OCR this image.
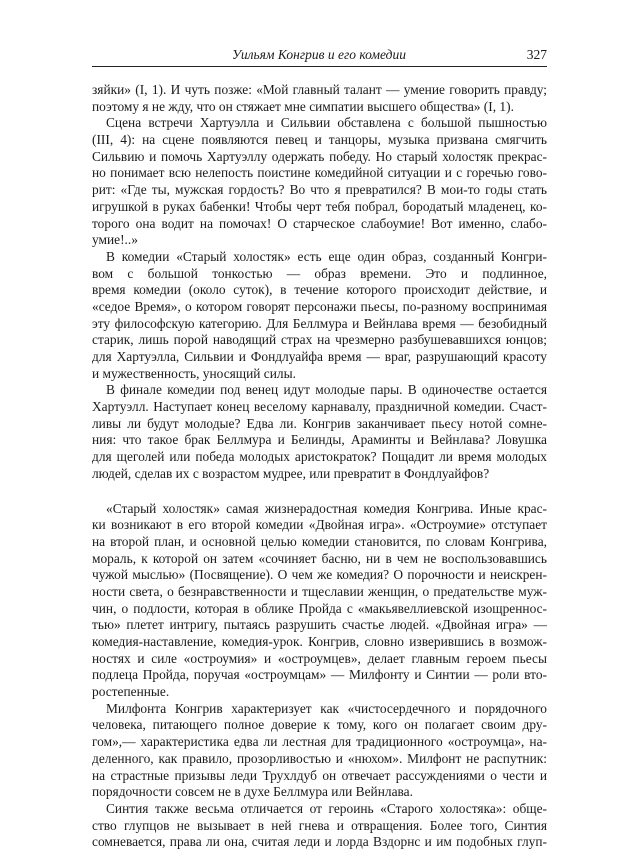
Уильям Конгрив и его комедии	327
зяйки» (I, 1). И чуть позже: «Мой главный талант — умение говорить правду;
поэтому я не жду, что он стяжает мне симпатии высшего общества» (I, 1).
Сцена встречи Хартуэлла и Сильвии обставлена с большой пышностью
(III, 4): на сцене появляются певец и танцоры, музыка призвана смягчить
Сильвию и помочь Хартуэллу одержать победу. Но старый холостяк прекрас-
но понимает всю нелепость поистине комедийной ситуации и с горечью гово-
рит: «Где ты, мужская гордость? Во что я превратился? В мои-то годы стать
игрушкой в руках бабенки! Чтобы черт тебя побрал, бородатый младенец, ко-
торого она водит на помочах! О старческое слабоумие! Вот именно, слабо-
умие!..»
В комедии «Старый холостяк» есть еще один образ, созданный Конгри-
вом с большой тонкостью — образ времени. Это и подлинное,
время комедии (около суток), в течение которого происходит действие, и
«седое Время», о котором говорят персонажи пьесы, по-разному воспринимая
эту философскую категорию. Для Беллмура и Вейнлава время — безобидный
старик, лишь порой наводящий страх на чрезмерно разбушевавшихся юнцов;
для Хартуэлла, Сильвии и Фондлуайфа время — враг, разрушающий красоту
и мужественность, уносящий силы.
В финале комедии под венец идут молодые пары. В одиночестве остается
Хартуэлл. Наступает конец веселому карнавалу, праздничной комедии. Счаст-
ливы ли будут молодые? Едва ли. Конгрив заканчивает пьесу нотой сомне-
ния: что такое брак Беллмура и Белинды, Араминты и Вейнлава? Ловушка
для щеголей или победа молодых аристократок? Пощадит ли время молодых
людей, сделав их с возрастом мудрее, или превратит в Фондлуайфов?
«Старый холостяк» самая жизнерадостная комедия Конгрива. Иные крас-
ки возникают в его второй комедии «Двойная игра». «Остроумие» отступает
на второй план, и основной целью комедии становится, по словам Конгрива,
мораль, к которой он затем «сочиняет басню, ни в чем не воспользовавшись
чужой мыслью» (Посвящение). О чем же комедия? О порочности и неискрен-
ности света, о безнравственности и тщеславии женщин, о предательстве муж-
чин, о подлости, которая в облике Пройда с «макьявеллиевской изощреннос-
тью» плетет интригу, пытаясь разрушить счастье людей. «Двойная игра» —
комедия-наставление, комедия-урок. Конгрив, словно изверившись в возмож-
ностях и силе «остроумия» и «остроумцев», делает главным героем пьесы
подлеца Пройда, поручая «остроумцам» — Милфонту и Синтии — роли вто-
ростепенные.
Милфонта Конгрив характеризует как «чистосердечного и порядочного
человека, питающего полное доверие к тому, кого он полагает своим дру-
гом»,— характеристика едва ли лестная для традиционного «остроумца», на-
деленного, как правило, прозорливостью и «нюхом». Милфонт не распутник:
на страстные призывы леди Трухлдуб он отвечает рассуждениями о чести и
порядочности совсем не в духе Беллмура или Вейнлава.
Синтия также весьма отличается от героинь «Старого холостяка»: обще-
ство глупцов не вызывает в ней гнева и отвращения. Более того, Синтия
сомневается, права ли она, считая леди и лорда Вздорнс и им подобных глуп-
